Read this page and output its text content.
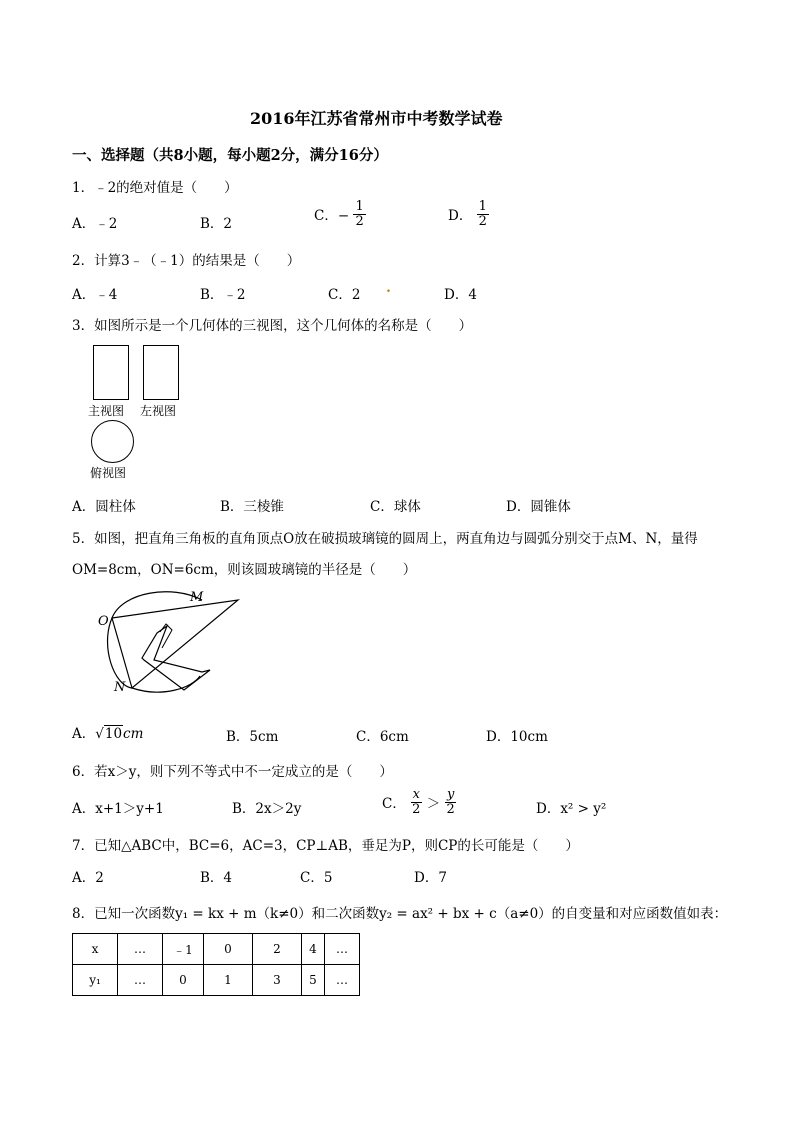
2016年江苏省常州市中考数学试卷
一、选择题（共8小题，每小题2分，满分16分）
1．﹣2的绝对值是（　　）
A．﹣2	B．2	C．− $\frac{1}{2}$	D． $\frac{1}{2}$
2．计算3﹣（﹣1）的结果是（　　）
A．﹣4	B．﹣2	C．2 .	D．4
3．如图所示是一个几何体的三视图，这个几何体的名称是（　　）
主视图 左视图
俯视图
A．圆柱体	B．三棱锥	C．球体	D．圆锥体
5．如图，把直角三角板的直角顶点O放在破损玻璃镜的圆周上，两直角边与圆弧分别交于点M、N，量得
OM=8cm，ON=6cm，则该圆玻璃镜的半径是（　　）
O
M
N
A．√10cm	B．5cm	C．6cm	D．10cm
6．若x＞y，则下列不等式中不一定成立的是（　　）
A．x+1＞y+1	B．2x＞2y	C． $\frac{x}{2} > \frac{y}{2}$	D．x² > y²
7．已知△ABC中，BC=6，AC=3，CP⊥AB，垂足为P，则CP的长可能是（　　）
A．2	B．4	C．5	D．7
8．已知一次函数y₁ = kx + m（k≠0）和二次函数y₂ = ax² + bx + c（a≠0）的自变量和对应函数值如表：
x	…	﹣1	0	2	4	…
y₁	…	0	1	3	5	…
